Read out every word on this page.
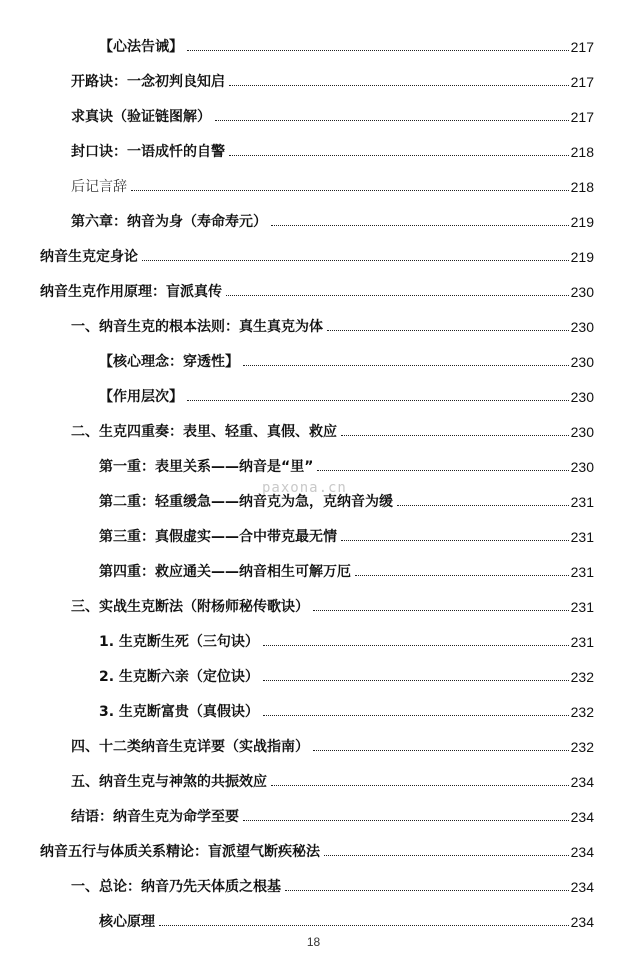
【心法告诫】	217
开路诀：一念初判良知启	217
求真诀（验证链图解）	217
封口诀：一语成忏的自警	218
后记言辞	218
第六章：纳音为身（寿命寿元）	219
纳音生克定身论	219
纳音生克作用原理：盲派真传	230
一、纳音生克的根本法则：真生真克为体	230
【核心理念：穿透性】	230
【作用层次】	230
二、生克四重奏：表里、轻重、真假、救应	230
第一重：表里关系——纳音是“里”	230
第二重：轻重缓急——纳音克为急，克纳音为缓	231
第三重：真假虚实——合中带克最无情	231
第四重：救应通关——纳音相生可解万厄	231
三、实战生克断法（附杨师秘传歌诀）	231
1. 生克断生死（三句诀）	231
2. 生克断六亲（定位诀）	232
3. 生克断富贵（真假诀）	232
四、十二类纳音生克详要（实战指南）	232
五、纳音生克与神煞的共振效应	234
结语：纳音生克为命学至要	234
纳音五行与体质关系精论：盲派望气断疾秘法	234
一、总论：纳音乃先天体质之根基	234
核心原理	234
paxona.cn
18
